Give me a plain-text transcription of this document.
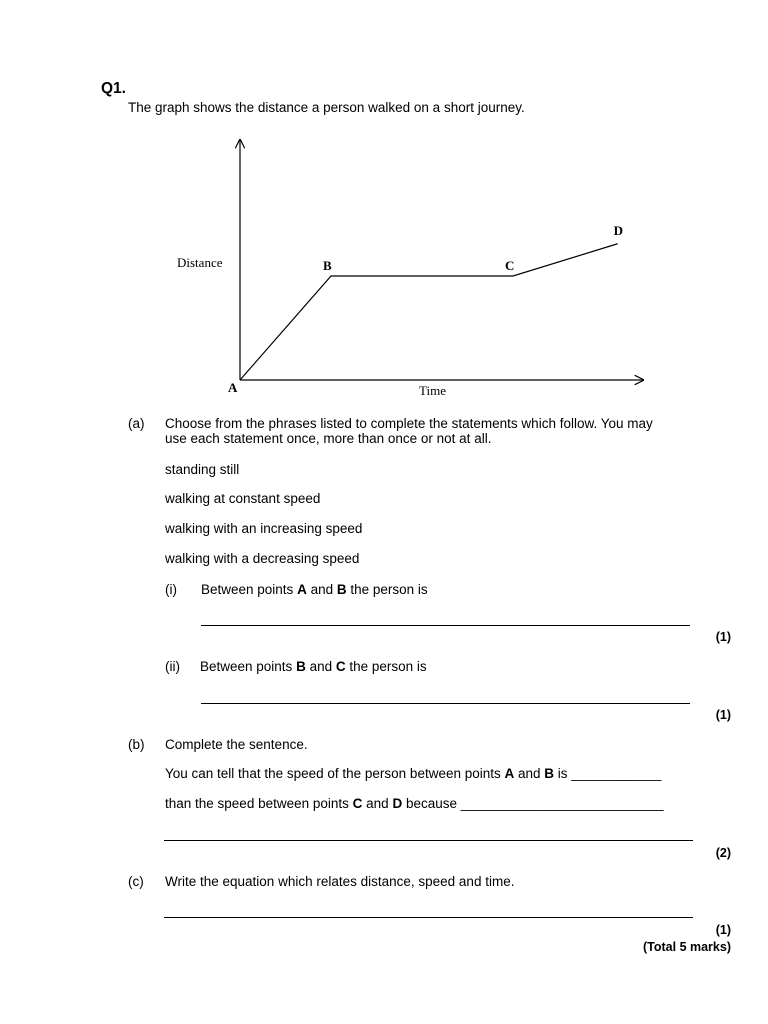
Q1.
The graph shows the distance a person walked on a short journey.
A
B	C
D
Distance
Time
(a) Choose from the phrases listed to complete the statements which follow. You may
use each statement once, more than once or not at all.
standing still
walking at constant speed
walking with an increasing speed
walking with a decreasing speed
(i) Between points A and B the person is
(1)
(ii) Between points B and C the person is
(1)
(b) Complete the sentence.
You can tell that the speed of the person between points A and B is ____________
than the speed between points C and D because ___________________________
(2)
(c) Write the equation which relates distance, speed and time.
(1)
(Total 5 marks)
